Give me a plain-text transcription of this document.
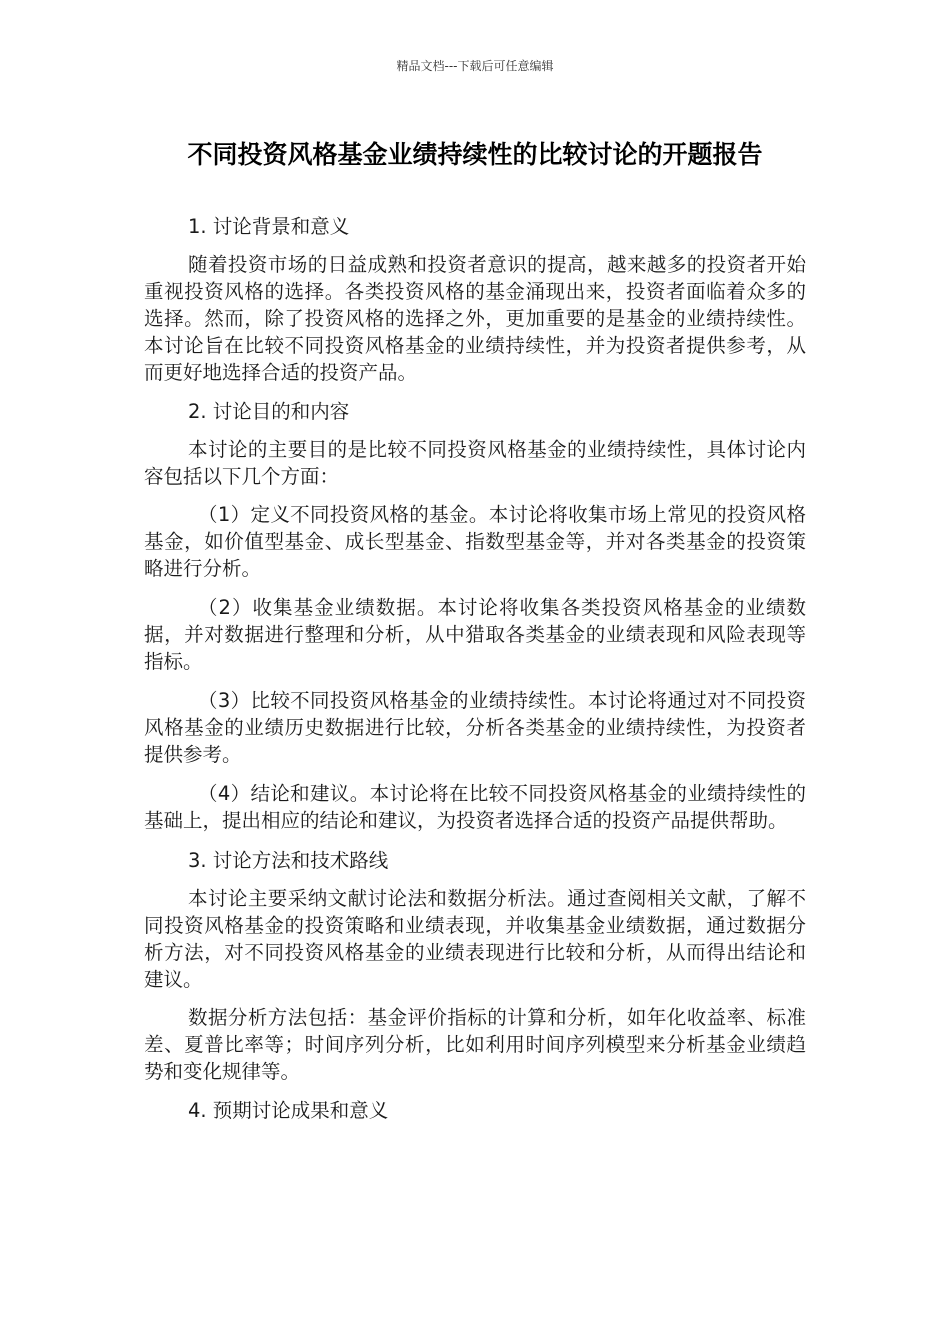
精品文档---下载后可任意编辑
不同投资风格基金业绩持续性的比较讨论的开题报告

1. 讨论背景和意义

随着投资市场的日益成熟和投资者意识的提高，越来越多的投资者开始重视投资风格的选择。各类投资风格的基金涌现出来，投资者面临着众多的选择。然而，除了投资风格的选择之外，更加重要的是基金的业绩持续性。本讨论旨在比较不同投资风格基金的业绩持续性，并为投资者提供参考，从而更好地选择合适的投资产品。

2. 讨论目的和内容

本讨论的主要目的是比较不同投资风格基金的业绩持续性，具体讨论内容包括以下几个方面：

（1）定义不同投资风格的基金。本讨论将收集市场上常见的投资风格基金，如价值型基金、成长型基金、指数型基金等，并对各类基金的投资策略进行分析。

（2）收集基金业绩数据。本讨论将收集各类投资风格基金的业绩数据，并对数据进行整理和分析，从中猎取各类基金的业绩表现和风险表现等指标。

（3）比较不同投资风格基金的业绩持续性。本讨论将通过对不同投资风格基金的业绩历史数据进行比较，分析各类基金的业绩持续性，为投资者提供参考。

（4）结论和建议。本讨论将在比较不同投资风格基金的业绩持续性的基础上，提出相应的结论和建议，为投资者选择合适的投资产品提供帮助。

3. 讨论方法和技术路线

本讨论主要采纳文献讨论法和数据分析法。通过查阅相关文献，了解不同投资风格基金的投资策略和业绩表现，并收集基金业绩数据，通过数据分析方法，对不同投资风格基金的业绩表现进行比较和分析，从而得出结论和建议。

数据分析方法包括：基金评价指标的计算和分析，如年化收益率、标准差、夏普比率等；时间序列分析，比如利用时间序列模型来分析基金业绩趋势和变化规律等。

4. 预期讨论成果和意义
